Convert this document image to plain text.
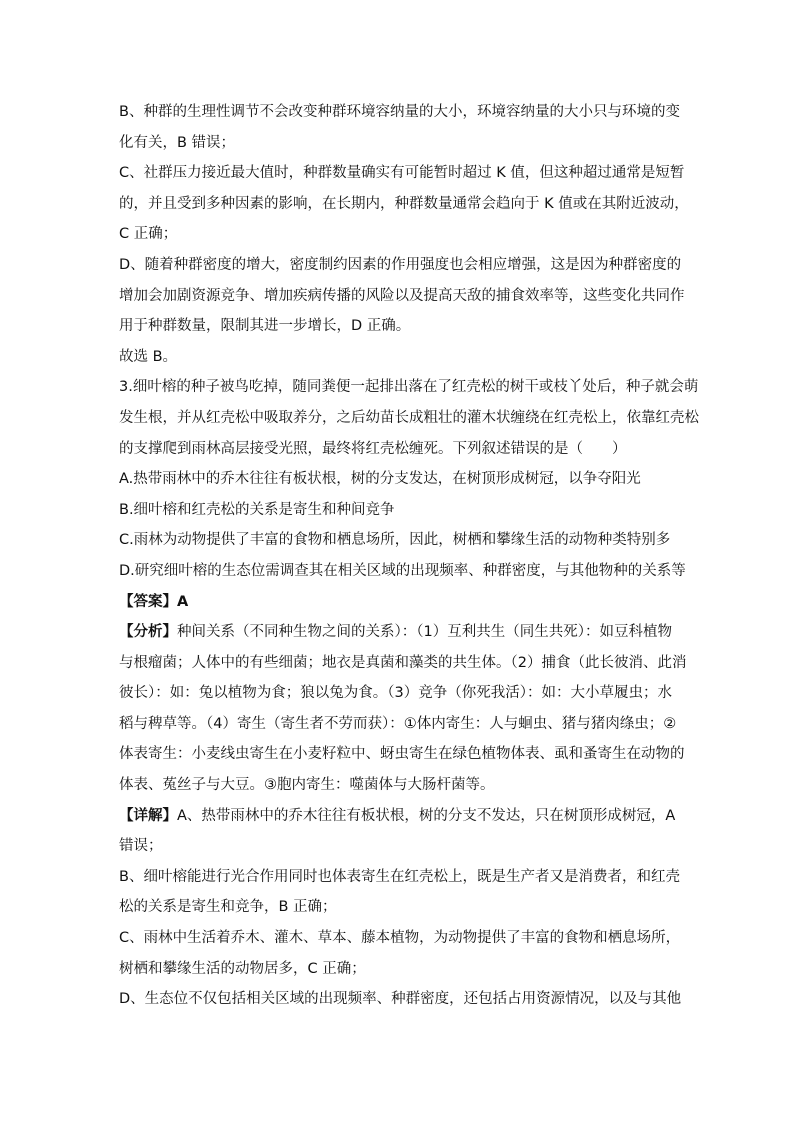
B、种群的生理性调节不会改变种群环境容纳量的大小，环境容纳量的大小只与环境的变
化有关，B 错误；
C、社群压力接近最大值时，种群数量确实有可能暂时超过 K 值，但这种超过通常是短暂
的，并且受到多种因素的影响，在长期内，种群数量通常会趋向于 K 值或在其附近波动，
C 正确；
D、随着种群密度的增大，密度制约因素的作用强度也会相应增强，这是因为种群密度的
增加会加剧资源竞争、增加疾病传播的风险以及提高天敌的捕食效率等，这些变化共同作
用于种群数量，限制其进一步增长，D 正确。
故选 B。
3.细叶榕的种子被鸟吃掉，随同粪便一起排出落在了红壳松的树干或枝丫处后，种子就会萌
发生根，并从红壳松中吸取养分，之后幼苗长成粗壮的灌木状缠绕在红壳松上，依靠红壳松
的支撑爬到雨林高层接受光照，最终将红壳松缠死。下列叙述错误的是（　　）
A.热带雨林中的乔木往往有板状根，树的分支发达，在树顶形成树冠，以争夺阳光
B.细叶榕和红壳松的关系是寄生和种间竞争
C.雨林为动物提供了丰富的食物和栖息场所，因此，树栖和攀缘生活的动物种类特别多
D.研究细叶榕的生态位需调查其在相关区域的出现频率、种群密度，与其他物种的关系等
【答案】A
【分析】种间关系（不同种生物之间的关系）：（1）互利共生（同生共死）：如豆科植物
与根瘤菌；人体中的有些细菌；地衣是真菌和藻类的共生体。（2）捕食（此长彼消、此消
彼长）：如：兔以植物为食；狼以兔为食。（3）竞争（你死我活）：如：大小草履虫；水
稻与稗草等。（4）寄生（寄生者不劳而获）：①体内寄生：人与蛔虫、猪与猪肉绦虫；②
体表寄生：小麦线虫寄生在小麦籽粒中、蚜虫寄生在绿色植物体表、虱和蚤寄生在动物的
体表、菟丝子与大豆。③胞内寄生：噬菌体与大肠杆菌等。
【详解】A、热带雨林中的乔木往往有板状根，树的分支不发达，只在树顶形成树冠，A
错误；
B、细叶榕能进行光合作用同时也体表寄生在红壳松上，既是生产者又是消费者，和红壳
松的关系是寄生和竞争，B 正确；
C、雨林中生活着乔木、灌木、草本、藤本植物，为动物提供了丰富的食物和栖息场所，
树栖和攀缘生活的动物居多，C 正确；
D、生态位不仅包括相关区域的出现频率、种群密度，还包括占用资源情况，以及与其他
